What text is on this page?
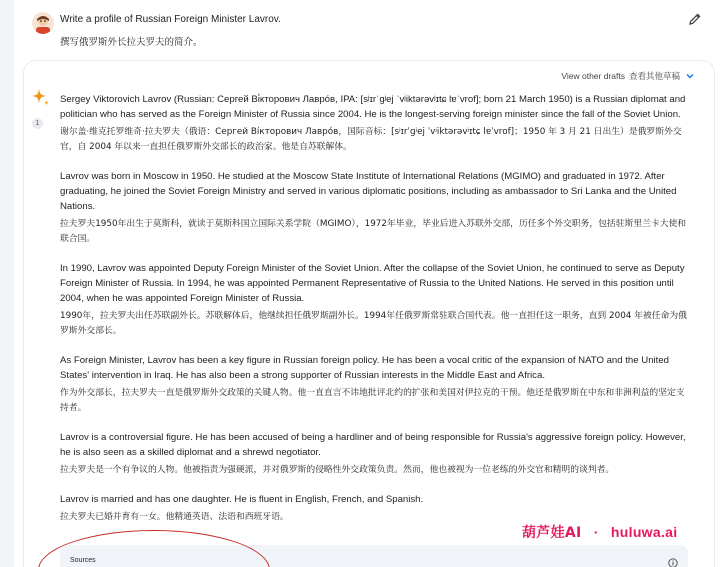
Write a profile of Russian Foreign Minister Lavrov.
撰写俄罗斯外长拉夫罗夫的简介。
View other drafts 查看其他草稿
1

Sergey Viktorovich Lavrov (Russian: Сергей Ві́кторович Лавро́в, IPA: [sʲɪrˈɡʲej ˈvʲiktərəvʲɪtɕ lɐˈvrof]; born 21 March 1950) is a Russian diplomat and politician who has served as the Foreign Minister of Russia since 2004. He is the longest-serving foreign minister since the fall of the Soviet Union.

谢尔盖·维克托罗维奇·拉夫罗夫（俄语：Сергей Ві́кторович Лавро́в，国际音标：[sʲɪrˈɡʲej ˈvʲiktərəvʲɪtɕ lɐˈvrof]；1950 年 3 月 21 日出生）是俄罗斯外交官，自 2004 年以来一直担任俄罗斯外交部长的政治家。他是自苏联解体。

Lavrov was born in Moscow in 1950. He studied at the Moscow State Institute of International Relations (MGIMO) and graduated in 1972. After graduating, he joined the Soviet Foreign Ministry and served in various diplomatic positions, including as ambassador to Sri Lanka and the United Nations.

拉夫罗夫1950年出生于莫斯科，就读于莫斯科国立国际关系学院（MGIMO），1972年毕业，毕业后进入苏联外交部，历任多个外交职务，包括驻斯里兰卡大使和联合国。

In 1990, Lavrov was appointed Deputy Foreign Minister of the Soviet Union. After the collapse of the Soviet Union, he continued to serve as Deputy Foreign Minister of Russia. In 1994, he was appointed Permanent Representative of Russia to the United Nations. He served in this position until 2004, when he was appointed Foreign Minister of Russia.

1990年，拉夫罗夫出任苏联副外长。苏联解体后，他继续担任俄罗斯副外长。1994年任俄罗斯常驻联合国代表。他一直担任这一职务，直到 2004 年被任命为俄罗斯外交部长。

As Foreign Minister, Lavrov has been a key figure in Russian foreign policy. He has been a vocal critic of the expansion of NATO and the United States' intervention in Iraq. He has also been a strong supporter of Russian interests in the Middle East and Africa.

作为外交部长，拉夫罗夫一直是俄罗斯外交政策的关键人物。他一直直言不讳地批评北约的扩张和美国对伊拉克的干预。他还是俄罗斯在中东和非洲利益的坚定支持者。

Lavrov is a controversial figure. He has been accused of being a hardliner and of being responsible for Russia's aggressive foreign policy. However, he is also seen as a skilled diplomat and a shrewd negotiator.

拉夫罗夫是一个有争议的人物。他被指责为强硬派，并对俄罗斯的侵略性外交政策负责。然而，他也被视为一位老练的外交官和精明的谈判者。

Lavrov is married and has one daughter. He is fluent in English, French, and Spanish.

拉夫罗夫已婚并育有一女。他精通英语、法语和西班牙语。

葫芦娃AI · huluwa.ai
Sources
